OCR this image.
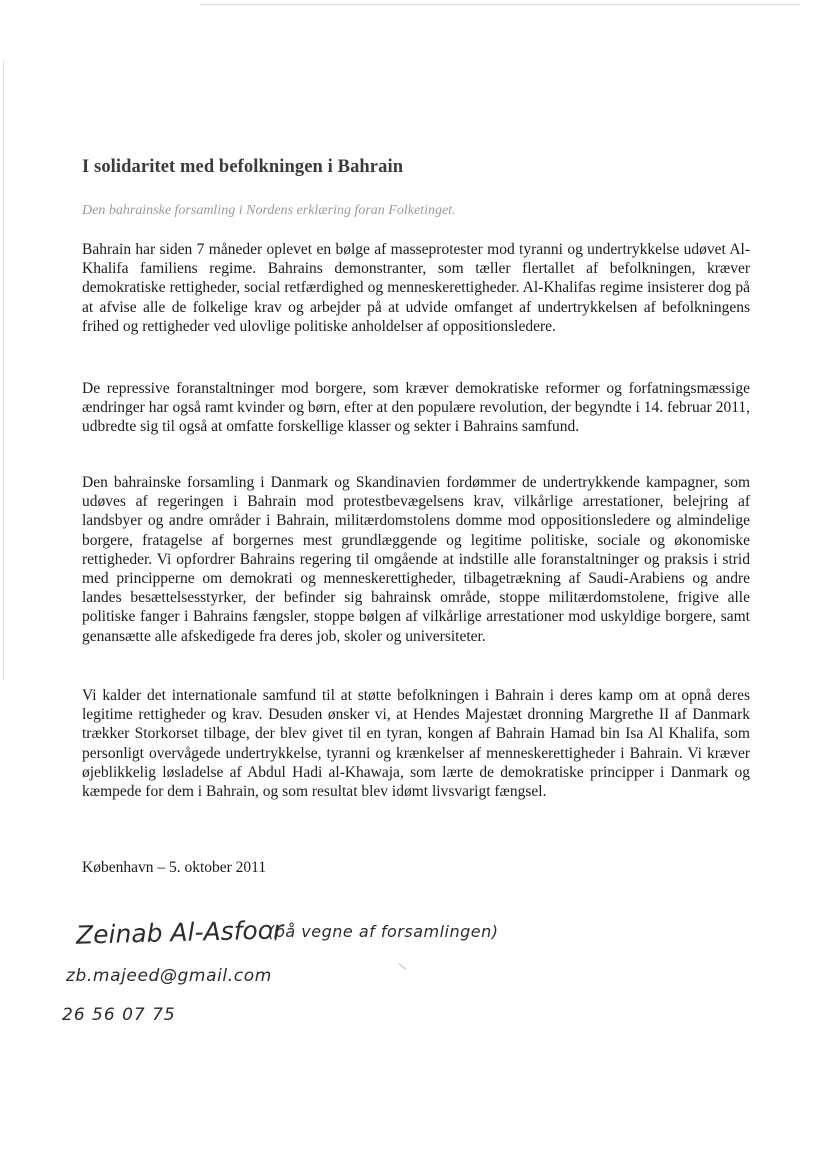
I solidaritet med befolkningen i Bahrain

Den bahrainske forsamling i Nordens erklæring foran Folketinget.

Bahrain har siden 7 måneder oplevet en bølge af masseprotester mod tyranni og undertrykkelse udøvet Al-Khalifa familiens regime. Bahrains demonstranter, som tæller flertallet af befolkningen, kræver demokratiske rettigheder, social retfærdighed og menneskerettigheder. Al-Khalifas regime insisterer dog på at afvise alle de folkelige krav og arbejder på at udvide omfanget af undertrykkelsen af befolkningens frihed og rettigheder ved ulovlige politiske anholdelser af oppositionsledere.

De repressive foranstaltninger mod borgere, som kræver demokratiske reformer og forfatningsmæssige ændringer har også ramt kvinder og børn, efter at den populære revolution, der begyndte i 14. februar 2011, udbredte sig til også at omfatte forskellige klasser og sekter i Bahrains samfund.

Den bahrainske forsamling i Danmark og Skandinavien fordømmer de undertrykkende kampagner, som udøves af regeringen i Bahrain mod protestbevægelsens krav, vilkårlige arrestationer, belejring af landsbyer og andre områder i Bahrain, militærdomstolens domme mod oppositionsledere og almindelige borgere, fratagelse af borgernes mest grundlæggende og legitime politiske, sociale og økonomiske rettigheder. Vi opfordrer Bahrains regering til omgående at indstille alle foranstaltninger og praksis i strid med principperne om demokrati og menneskerettigheder, tilbagetrækning af Saudi-Arabiens og andre landes besættelsesstyrker, der befinder sig bahrainsk område, stoppe militærdomstolene, frigive alle politiske fanger i Bahrains fængsler, stoppe bølgen af vilkårlige arrestationer mod uskyldige borgere, samt genansætte alle afskedigede fra deres job, skoler og universiteter.

Vi kalder det internationale samfund til at støtte befolkningen i Bahrain i deres kamp om at opnå deres legitime rettigheder og krav. Desuden ønsker vi, at Hendes Majestæt dronning Margrethe II af Danmark trækker Storkorset tilbage, der blev givet til en tyran, kongen af Bahrain Hamad bin Isa Al Khalifa, som personligt overvågede undertrykkelse, tyranni og krænkelser af menneskerettigheder i Bahrain. Vi kræver øjeblikkelig løsladelse af Abdul Hadi al-Khawaja, som lærte de demokratiske principper i Danmark og kæmpede for dem i Bahrain, og som resultat blev idømt livsvarigt fængsel.

København – 5. oktober 2011

Zeinab Al-Asfoor
(på vegne af forsamlingen)
zb.majeed@gmail.com
26 56 07 75
